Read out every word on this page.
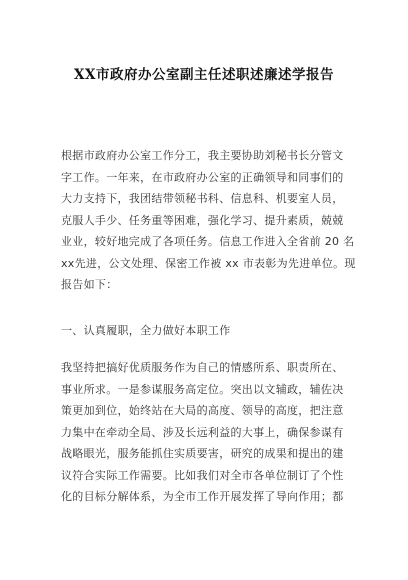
XX市政府办公室副主任述职述廉述学报告
根据市政府办公室工作分工，我主要协助刘秘书长分管文
字工作。一年来，在市政府办公室的正确领导和同事们的
大力支持下，我团结带领秘书科、信息科、机要室人员，
克服人手少、任务重等困难，强化学习、提升素质，兢兢
业业，较好地完成了各项任务。信息工作进入全省前 20 名
xx先进，公文处理、保密工作被 xx 市表彰为先进单位。现
报告如下：
一、认真履职，全力做好本职工作
我坚持把搞好优质服务作为自己的情感所系、职责所在、
事业所求。一是参谋服务高定位。突出以文辅政，辅佐决
策更加到位，始终站在大局的高度、领导的高度，把注意
力集中在牵动全局、涉及长远利益的大事上，确保参谋有
战略眼光，服务能抓住实质要害，研究的成果和提出的建
议符合实际工作需要。比如我们对全市各单位制订了个性
化的目标分解体系，为全市工作开展发挥了导向作用；都
